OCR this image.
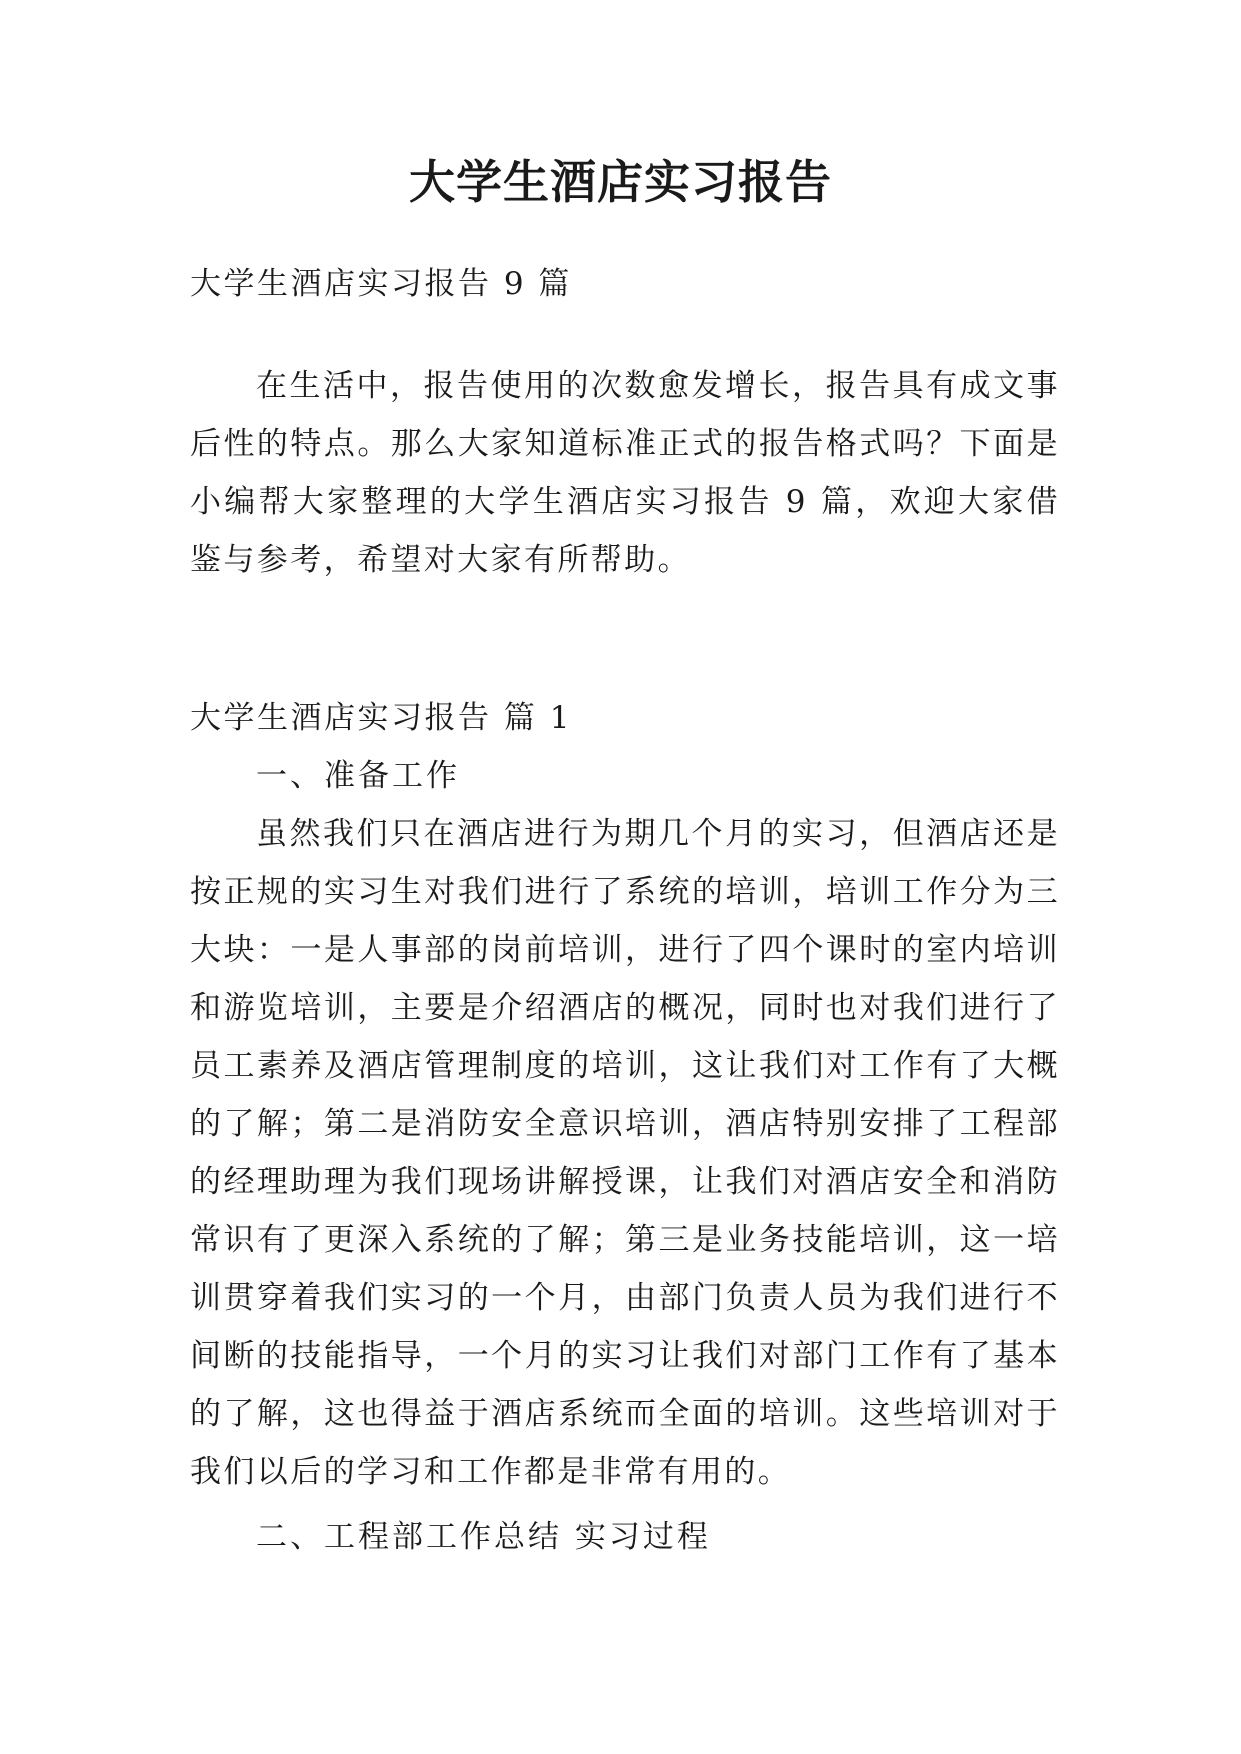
大学生酒店实习报告
大学生酒店实习报告 9 篇

在生活中，报告使用的次数愈发增长，报告具有成文事后性的特点。那么大家知道标准正式的报告格式吗？下面是小编帮大家整理的大学生酒店实习报告 9 篇，欢迎大家借鉴与参考，希望对大家有所帮助。

大学生酒店实习报告 篇 1
一、准备工作

虽然我们只在酒店进行为期几个月的实习，但酒店还是按正规的实习生对我们进行了系统的培训，培训工作分为三大块：一是人事部的岗前培训，进行了四个课时的室内培训和游览培训，主要是介绍酒店的概况，同时也对我们进行了员工素养及酒店管理制度的培训，这让我们对工作有了大概的了解；第二是消防安全意识培训，酒店特别安排了工程部的经理助理为我们现场讲解授课，让我们对酒店安全和消防常识有了更深入系统的了解；第三是业务技能培训，这一培训贯穿着我们实习的一个月，由部门负责人员为我们进行不间断的技能指导，一个月的实习让我们对部门工作有了基本的了解，这也得益于酒店系统而全面的培训。这些培训对于我们以后的学习和工作都是非常有用的。

二、工程部工作总结 实习过程
